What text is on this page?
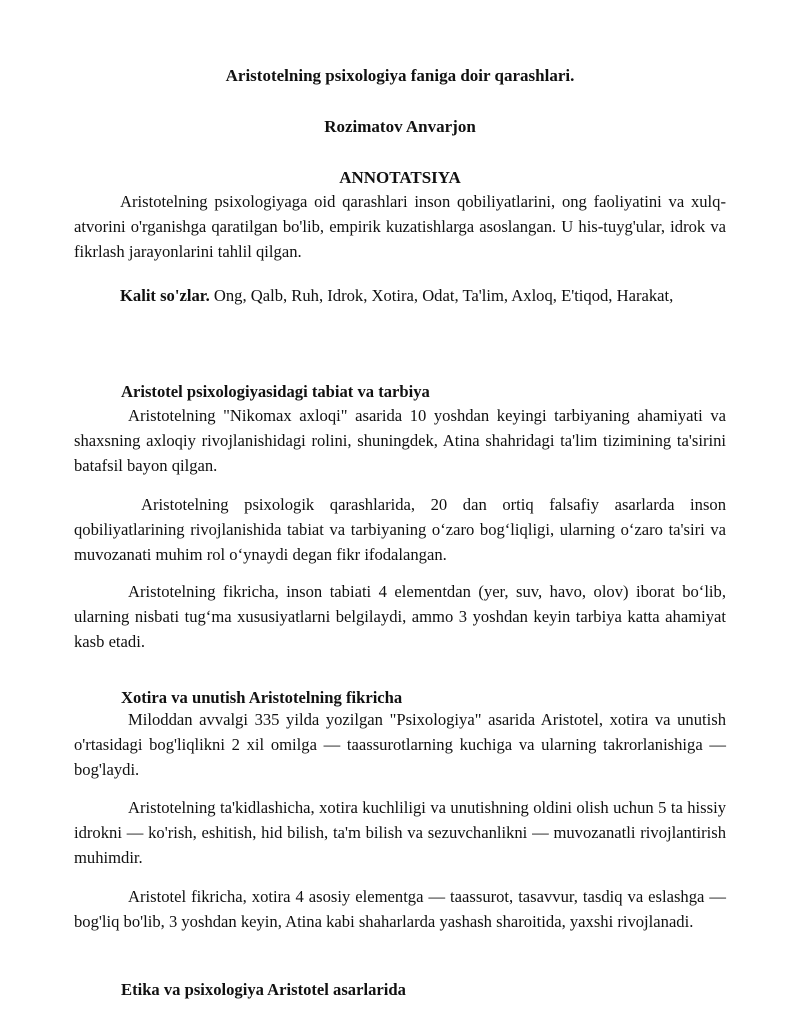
Aristotelning psixologiya faniga doir qarashlari.

Rozimatov Anvarjon

ANNOTATSIYA

Aristotelning psixologiyaga oid qarashlari inson qobiliyatlarini, ong faoliyatini va xulq-atvorini o'rganishga qaratilgan bo'lib, empirik kuzatishlarga asoslangan. U his-tuyg'ular, idrok va fikrlash jarayonlarini tahlil qilgan.

Kalit so'zlar. Ong, Qalb, Ruh, Idrok, Xotira, Odat, Ta'lim, Axloq, E'tiqod, Harakat,

Aristotel psixologiyasidagi tabiat va tarbiya

Aristotelning "Nikomax axloqi" asarida 10 yoshdan keyingi tarbiyaning ahamiyati va shaxsning axloqiy rivojlanishidagi rolini, shuningdek, Atina shahridagi ta'lim tizimining ta'sirini batafsil bayon qilgan.

Aristotelning psixologik qarashlarida, 20 dan ortiq falsafiy asarlarda inson qobiliyatlarining rivojlanishida tabiat va tarbiyaning o‘zaro bog‘liqligi, ularning o‘zaro ta'siri va muvozanati muhim rol o‘ynaydi degan fikr ifodalangan.

Aristotelning fikricha, inson tabiati 4 elementdan (yer, suv, havo, olov) iborat bo‘lib, ularning nisbati tug‘ma xususiyatlarni belgilaydi, ammo 3 yoshdan keyin tarbiya katta ahamiyat kasb etadi.

Xotira va unutish Aristotelning fikricha

Miloddan avvalgi 335 yilda yozilgan "Psixologiya" asarida Aristotel, xotira va unutish o'rtasidagi bog'liqlikni 2 xil omilga — taassurotlarning kuchiga va ularning takrorlanishiga — bog'laydi.

Aristotelning ta'kidlashicha, xotira kuchliligi va unutishning oldini olish uchun 5 ta hissiy idrokni — ko'rish, eshitish, hid bilish, ta'm bilish va sezuvchanlikni — muvozanatli rivojlantirish muhimdir.

Aristotel fikricha, xotira 4 asosiy elementga — taassurot, tasavvur, tasdiq va eslashga — bog'liq bo'lib, 3 yoshdan keyin, Atina kabi shaharlarda yashash sharoitida, yaxshi rivojlanadi.

Etika va psixologiya Aristotel asarlarida
